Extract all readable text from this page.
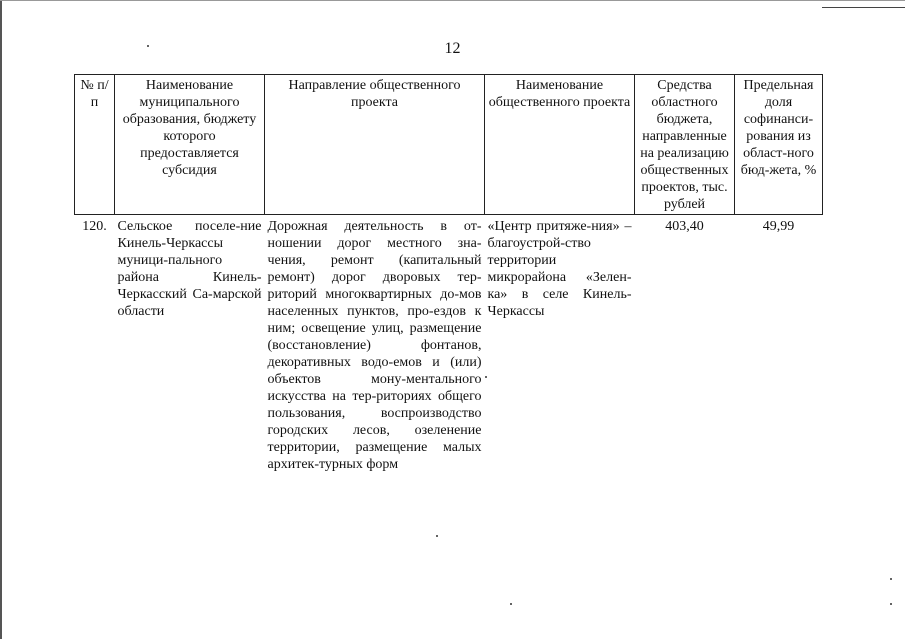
12
№ п/п	Наименование муниципального образования, бюджету которого предоставляется субсидия	Направление общественного проекта	Наименование общественного проекта	Средства областного бюджета, направленные на реализацию общественных проектов, тыс. рублей	Предельная доля софинанси-рования из област-ного бюд-жета, %
120.	Сельское поселе-ние Кинель-Черкассы муници-пального района Кинель-Черкасский Са-марской области	Дорожная деятельность в от-ношении дорог местного зна-чения, ремонт (капитальный ремонт) дорог дворовых тер-риторий многоквартирных до-мов населенных пунктов, про-ездов к ним; освещение улиц, размещение (восстановление) фонтанов, декоративных водо-емов и (или) объектов мону-ментального искусства на тер-риториях общего пользования, воспроизводство городских лесов, озеленение территории, размещение малых архитек-турных форм	«Центр притяже-ния» – благоустрой-ство территории микрорайона «Зелен-ка» в селе Кинель-Черкассы	403,40	49,99
